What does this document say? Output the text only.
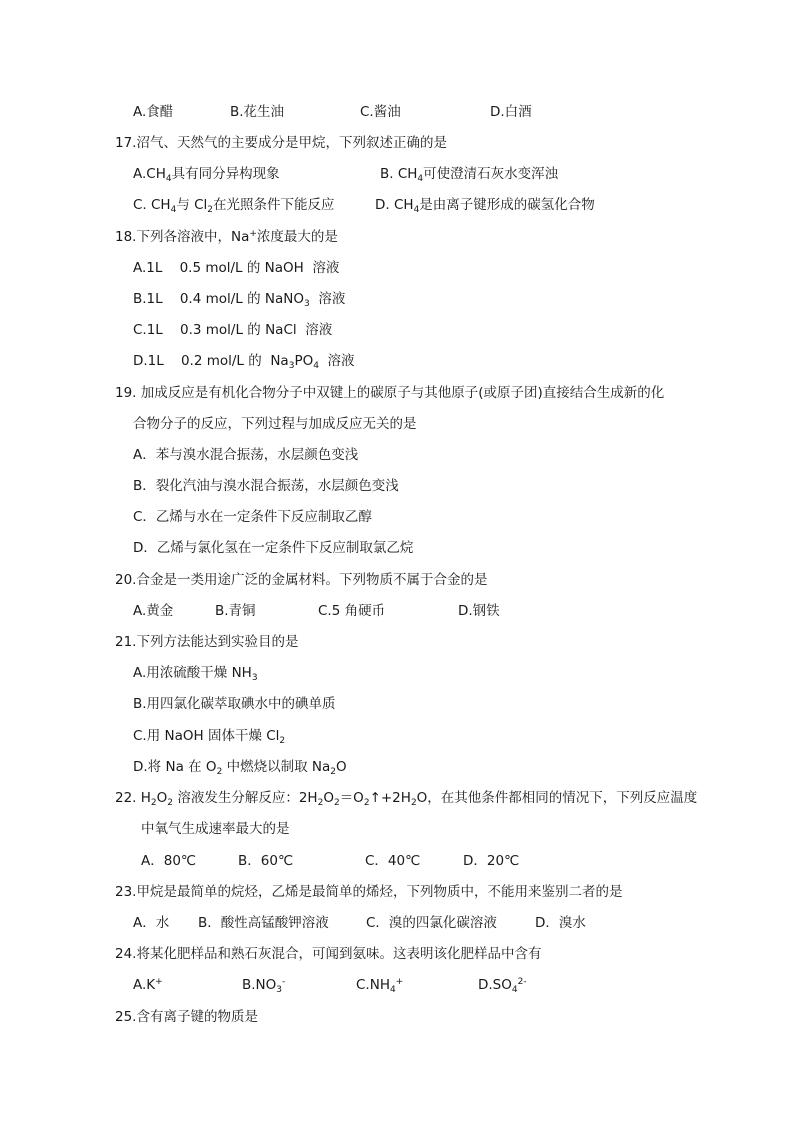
A.食醋	B.花生油	C.酱油	D.白酒
17.沼气、天然气的主要成分是甲烷，下列叙述正确的是
$A.CH_4$具有同分异构现象	B. $CH_4$可使澄清石灰水变浑浊
C. $CH_4$与 $Cl_2$在光照条件下能反应	D. $CH_4$是由离子键形成的碳氢化合物
18.下列各溶液中，Na+浓度最大的是
A.1L    0.5 mol/L 的 NaOH  溶液
B.1L    0.4 mol/L 的 NaNO$_3$  溶液
C.1L    0.3 mol/L 的 NaCl  溶液
D.1L    0.2 mol/L 的  $Na_3PO_4$  溶液
19. 加成反应是有机化合物分子中双键上的碳原子与其他原子(或原子团)直接结合生成新的化
合物分子的反应，下列过程与加成反应无关的是
A．苯与溴水混合振荡，水层颜色变浅
B．裂化汽油与溴水混合振荡，水层颜色变浅
C．乙烯与水在一定条件下反应制取乙醇
D．乙烯与氯化氢在一定条件下反应制取氯乙烷
20.合金是一类用途广泛的金属材料。下列物质不属于合金的是
A.黄金	B.青铜	C.5 角硬币	D.钢铁
21.下列方法能达到实验目的是
A.用浓硫酸干燥 $NH_3$
B.用四氯化碳萃取碘水中的碘单质
C.用 NaOH 固体干燥 $Cl_2$
D.将 Na 在 $O_2$ 中燃烧以制取 $Na_2O$
22. $H_2O_2$ 溶液发生分解反应：$2H_2O_2=O_2↑+2H_2O$，在其他条件都相同的情况下，下列反应温度
中氧气生成速率最大的是
A．80℃	B．60℃	C．40℃	D．20℃
23.甲烷是最简单的烷烃，乙烯是最简单的烯烃，下列物质中，不能用来鉴别二者的是
A．水 B．酸性高锰酸钾溶液	C．溴的四氯化碳溶液	D．溴水
24.将某化肥样品和熟石灰混合，可闻到氨味。这表明该化肥样品中含有
A.K+	$B.NO_3^-$	$C.NH_4^+$	$D.SO_4^{2-}$
25.含有离子键的物质是
